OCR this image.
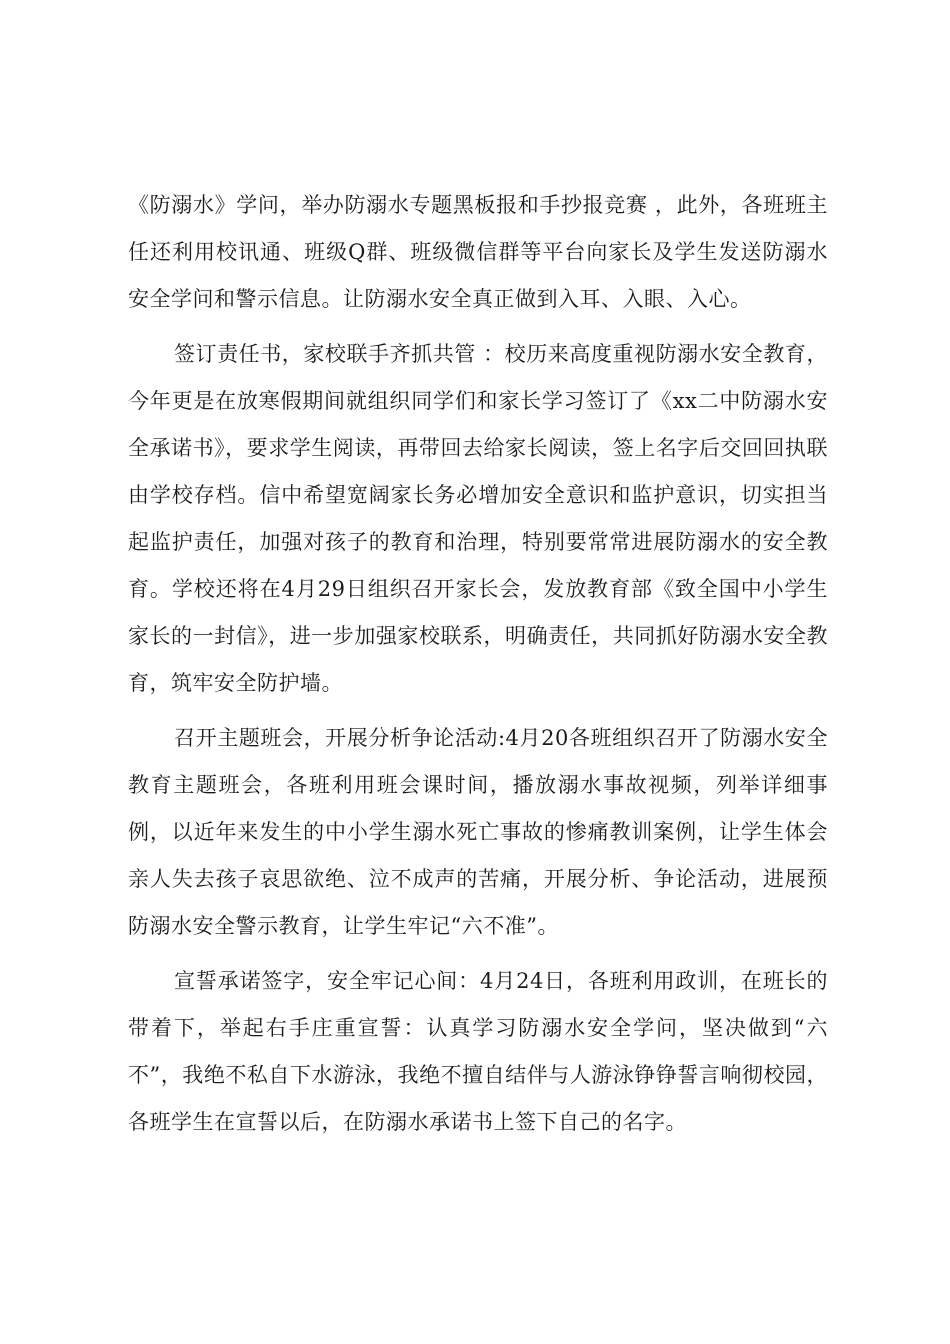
《防溺水》学问，举办防溺水专题黑板报和手抄报竞赛 ，此外，各班班主任还利用校讯通、班级Q群、班级微信群等平台向家长及学生发送防溺水安全学问和警示信息。让防溺水安全真正做到入耳、入眼、入心。

签订责任书，家校联手齐抓共管 ：校历来高度重视防溺水安全教育，今年更是在放寒假期间就组织同学们和家长学习签订了《xx二中防溺水安全承诺书》，要求学生阅读，再带回去给家长阅读，签上名字后交回回执联由学校存档。信中希望宽阔家长务必增加安全意识和监护意识，切实担当起监护责任，加强对孩子的教育和治理，特别要常常进展防溺水的安全教育。学校还将在4月29日组织召开家长会，发放教育部《致全国中小学生家长的一封信》，进一步加强家校联系，明确责任，共同抓好防溺水安全教育，筑牢安全防护墙。

召开主题班会，开展分析争论活动:4月20各班组织召开了防溺水安全教育主题班会，各班利用班会课时间，播放溺水事故视频，列举详细事例，以近年来发生的中小学生溺水死亡事故的惨痛教训案例，让学生体会亲人失去孩子哀思欲绝、泣不成声的苦痛，开展分析、争论活动，进展预防溺水安全警示教育，让学生牢记“六不准”。

宣誓承诺签字，安全牢记心间：4月24日，各班利用政训，在班长的带着下，举起右手庄重宣誓：认真学习防溺水安全学问，坚决做到“六不”，我绝不私自下水游泳，我绝不擅自结伴与人游泳铮铮誓言响彻校园，各班学生在宣誓以后，在防溺水承诺书上签下自己的名字。
